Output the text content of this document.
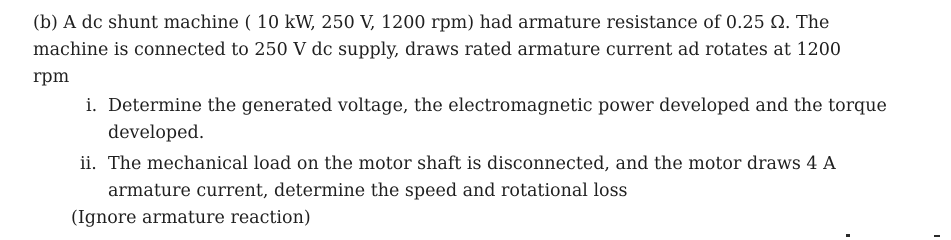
(b) A dc shunt machine ( 10 kW, 250 V, 1200 rpm) had armature resistance of 0.25 Ω. The
machine is connected to 250 V dc supply, draws rated armature current ad rotates at 1200
rpm
i. Determine the generated voltage, the electromagnetic power developed and the torque
developed.
ii. The mechanical load on the motor shaft is disconnected, and the motor draws 4 A
armature current, determine the speed and rotational loss
(Ignore armature reaction)
